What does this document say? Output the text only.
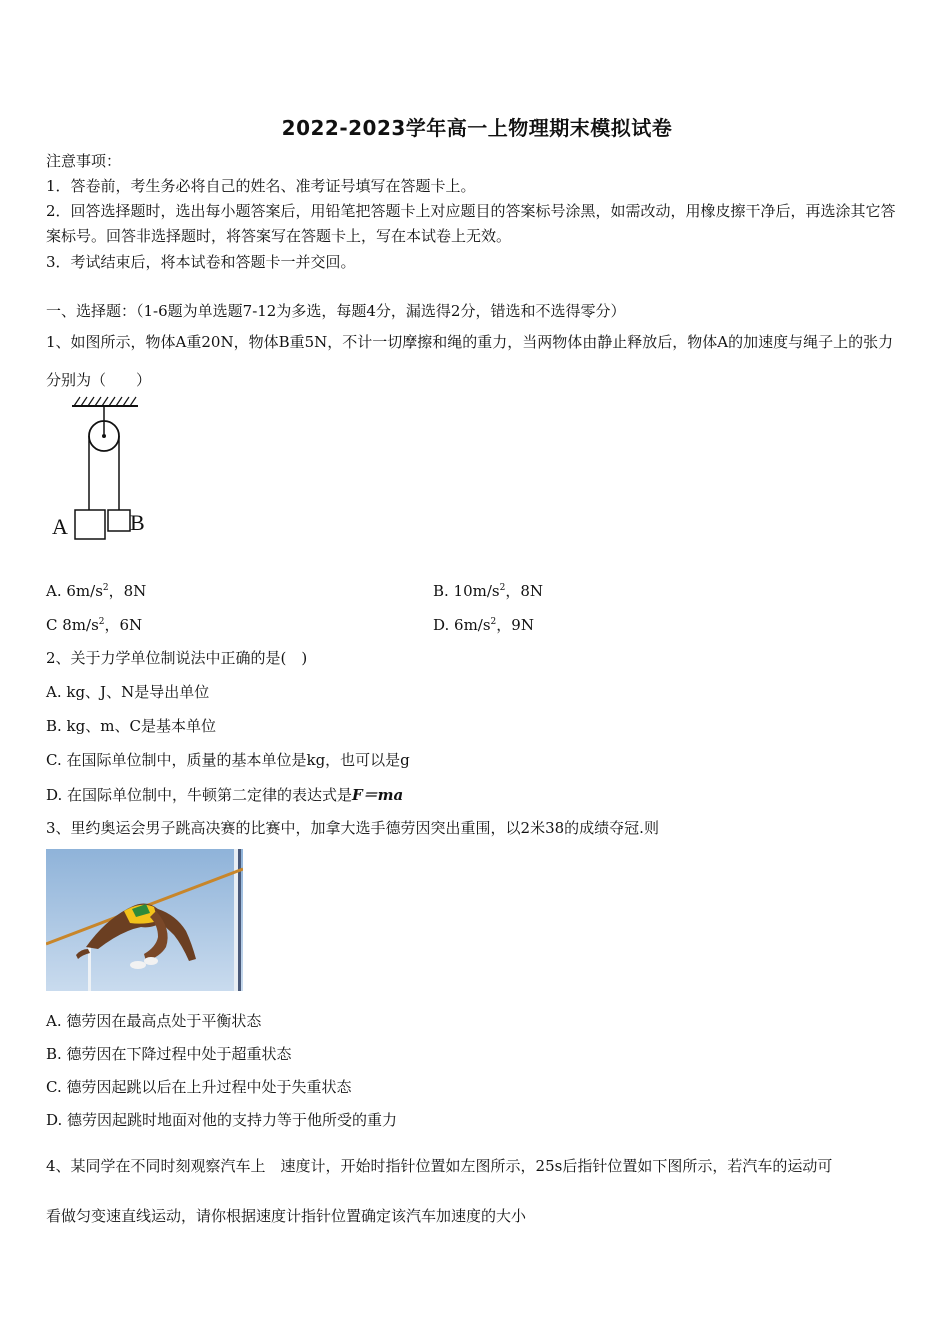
2022-2023学年高一上物理期末模拟试卷
注意事项：
1．答卷前，考生务必将自己的姓名、准考证号填写在答题卡上。
2．回答选择题时，选出每小题答案后，用铅笔把答题卡上对应题目的答案标号涂黑，如需改动，用橡皮擦干净后，再选涂其它答案标号。回答非选择题时，将答案写在答题卡上，写在本试卷上无效。
3．考试结束后，将本试卷和答题卡一并交回。
一、选择题：（1-6题为单选题7-12为多选，每题4分，漏选得2分，错选和不选得零分）
1、如图所示，物体A重20N，物体B重5N，不计一切摩擦和绳的重力，当两物体由静止释放后，物体A的加速度与绳子上的张力分别为（　　）
A	B
A. $6m/s^2$，8N	B. $10m/s^2$，8N
C $8m/s^2$，6N	D. $6m/s^2$，9N
2、关于力学单位制说法中正确的是(　)
A. kg、J、N是导出单位
B. kg、m、C是基本单位
C. 在国际单位制中，质量的基本单位是kg，也可以是g
D. 在国际单位制中，牛顿第二定律的表达式是F＝ma
3、里约奥运会男子跳高决赛的比赛中，加拿大选手德劳因突出重围，以2米38的成绩夺冠.则
A. 德劳因在最高点处于平衡状态
B. 德劳因在下降过程中处于超重状态
C. 德劳因起跳以后在上升过程中处于失重状态
D. 德劳因起跳时地面对他的支持力等于他所受的重力
4、某同学在不同时刻观察汽车上　速度计，开始时指针位置如左图所示，25s后指针位置如下图所示，若汽车的运动可
看做匀变速直线运动，请你根据速度计指针位置确定该汽车加速度的大小
